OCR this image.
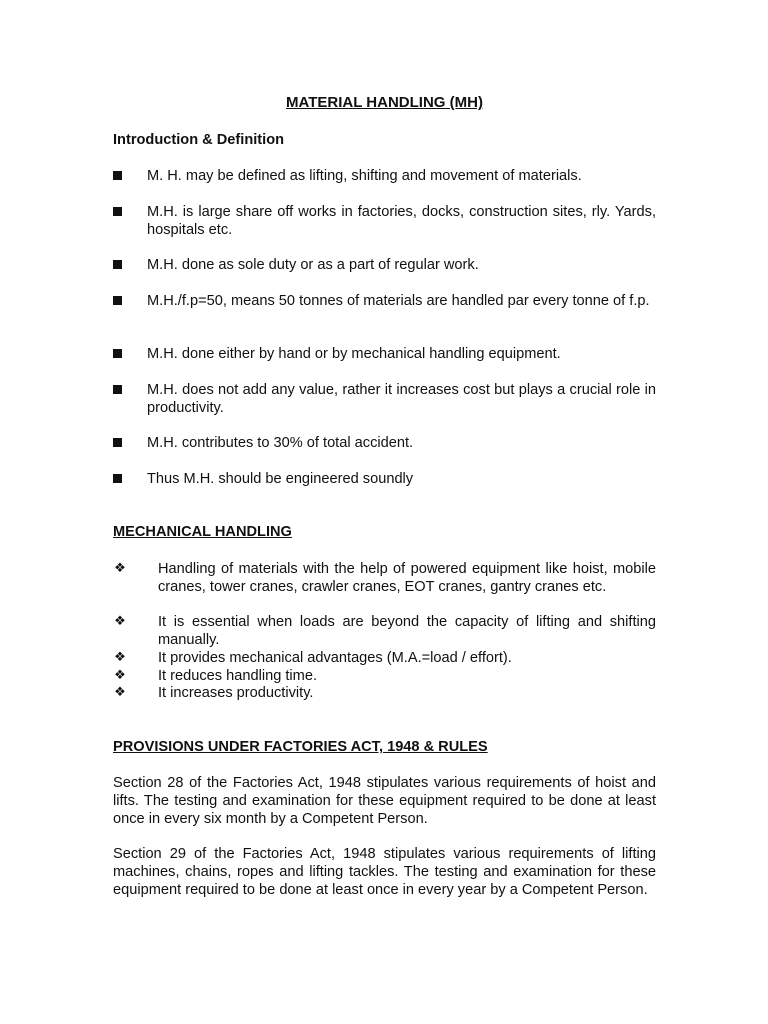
MATERIAL HANDLING (MH)
Introduction & Definition
M. H. may be defined as lifting, shifting and movement of materials.
M.H. is large share off works in factories, docks, construction sites, rly. Yards, hospitals etc.
M.H. done as sole duty or as a part of regular work.
M.H./f.p=50, means 50 tonnes of materials are handled par every tonne of f.p.
M.H. done either by hand or by mechanical handling equipment.
M.H. does not add any value, rather it increases cost but plays a crucial role in productivity.
M.H. contributes to 30% of total accident.
Thus M.H. should be engineered soundly
MECHANICAL HANDLING
❖ Handling of materials with the help of powered equipment like hoist, mobile cranes, tower cranes, crawler cranes, EOT cranes, gantry cranes etc.
❖ It is essential when loads are beyond the capacity of lifting and shifting manually.
❖ It provides mechanical advantages (M.A.=load / effort).
❖ It reduces handling time.
❖ It increases productivity.
PROVISIONS UNDER FACTORIES ACT, 1948 & RULES
Section 28 of the Factories Act, 1948 stipulates various requirements of hoist and lifts. The testing and examination for these equipment required to be done at least once in every six month by a Competent Person.
Section 29 of the Factories Act, 1948 stipulates various requirements of lifting machines, chains, ropes and lifting tackles. The testing and examination for these equipment required to be done at least once in every year by a Competent Person.
